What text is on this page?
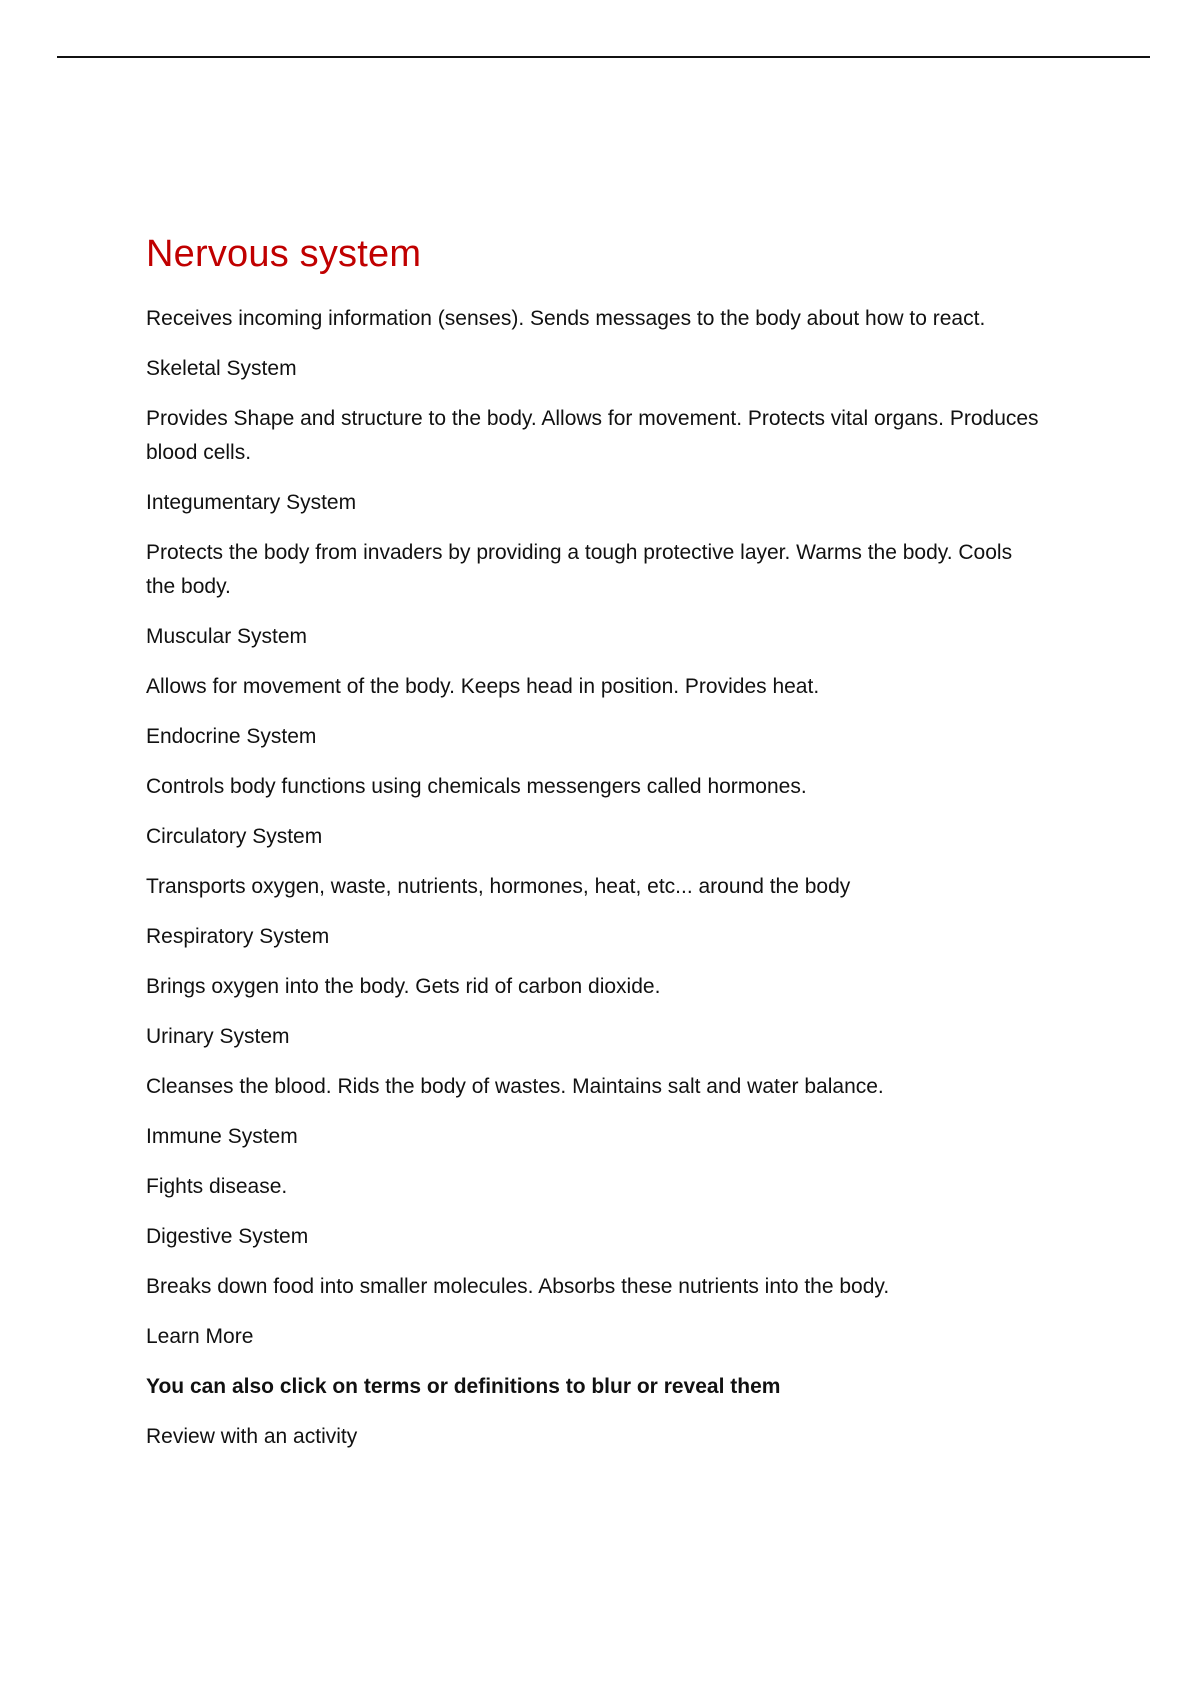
Nervous system

Receives incoming information (senses). Sends messages to the body about how to react.

Skeletal System

Provides Shape and structure to the body. Allows for movement. Protects vital organs. Produces blood cells.

Integumentary System

Protects the body from invaders by providing a tough protective layer. Warms the body. Cools the body.

Muscular System

Allows for movement of the body. Keeps head in position. Provides heat.

Endocrine System

Controls body functions using chemicals messengers called hormones.

Circulatory System

Transports oxygen, waste, nutrients, hormones, heat, etc... around the body

Respiratory System

Brings oxygen into the body. Gets rid of carbon dioxide.

Urinary System

Cleanses the blood. Rids the body of wastes. Maintains salt and water balance.

Immune System

Fights disease.

Digestive System

Breaks down food into smaller molecules. Absorbs these nutrients into the body.

Learn More

You can also click on terms or definitions to blur or reveal them

Review with an activity
